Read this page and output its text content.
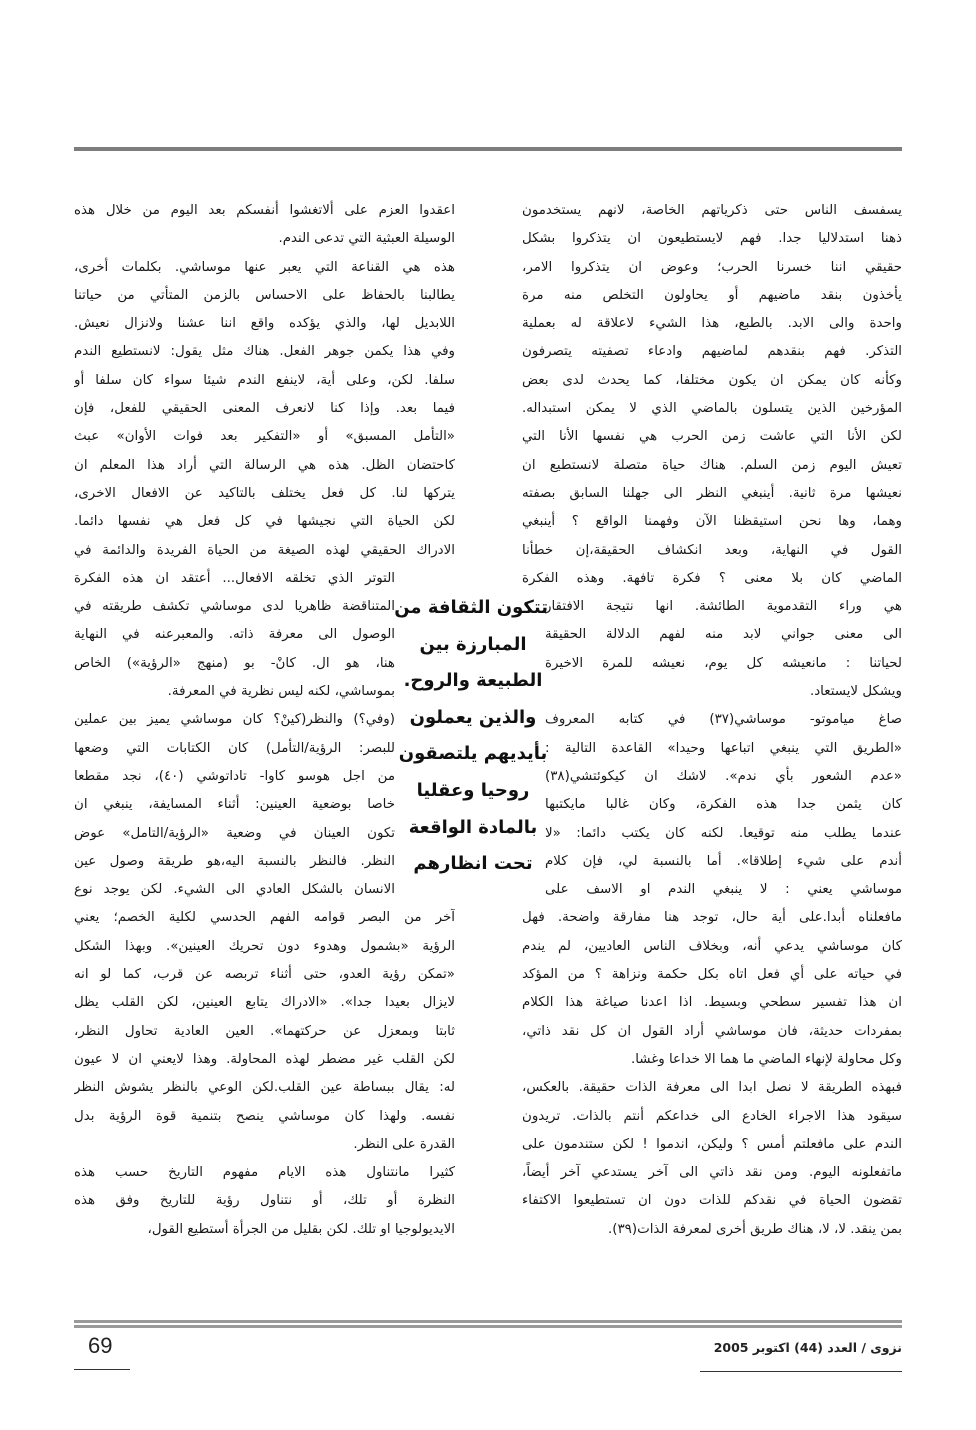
يسفسف الناس حتى ذكرياتهم الخاصة، لانهم يستخدمون
ذهنا استدلاليا جدا. فهم لايستطيعون ان يتذكروا بشكل
حقيقي اننا خسرنا الحرب؛ وعوض ان يتذكروا الامر،
يأخذون بنقد ماضيهم أو يحاولون التخلص منه مرة
واحدة والى الابد. بالطبع، هذا الشيء لاعلاقة له بعملية
التذكر. فهم بنقدهم لماضيهم وادعاء تصفيته يتصرفون
وكأنه كان يمكن ان يكون مختلفا، كما يحدث لدى بعض
المؤرخين الذين يتسلون بالماضي الذي لا يمكن استبداله.
لكن الأنا التي عاشت زمن الحرب هي نفسها الأنا التي
تعيش اليوم زمن السلم. هناك حياة متصلة لانستطيع ان
نعيشها مرة ثانية. أينبغي النظر الى جهلنا السابق بصفته
وهما، وها نحن استيقظنا الآن وفهمنا الواقع ؟ أينبغي
القول في النهاية، وبعد انكشاف الحقيقة،إن خطأنا
الماضي كان بلا معنى ؟ فكرة تافهة. وهذه الفكرة
هي وراء التقدموية الطائشة. انها نتيجة الافتقار
الى معنى جواني لابد منه لفهم الدلالة الحقيقة
لحياتنا : مانعيشه كل يوم، نعيشه للمرة الاخيرة
ويشكل لايستعاد.
صاغ مياموتو- موساشي(٣٧) في كتابه المعروف
«الطريق التي ينبغي اتباعها وحيدا» القاعدة التالية :
«عدم الشعور بأي ندم». لاشك ان كيكوئتشي(٣٨)
كان يثمن جدا هذه الفكرة، وكان غالبا مايكتبها
عندما يطلب منه توقيعا. لكنه كان يكتب دائما: «لا
أندم على شيء إطلاقا». أما بالنسبة لي، فإن كلام
موساشي يعني : لا ينبغي الندم او الاسف على
مافعلناه أبدا.على أية حال، توجد هنا مفارقة واضحة. فهل
كان موساشي يدعي أنه، وبخلاف الناس العاديين، لم يندم
في حياته على أي فعل اتاه بكل حكمة ونزاهة ؟ من المؤكد
ان هذا تفسير سطحي وبسيط. اذا اعدنا صياغة هذا الكلام
بمفردات حديثة، فان موساشي أراد القول ان كل نقد ذاتي،
وكل محاولة لإنهاء الماضي ما هما الا خداعا وغشا.
فبهذه الطريقة لا نصل ابدا الى معرفة الذات حقيقة. بالعكس،
سيقود هذا الاجراء الخادع الى خداعكم أنتم بالذات. تريدون
الندم على مافعلتم أمس ؟ وليكن، اندموا ! لكن ستندمون على
ماتفعلونه اليوم. ومن نقد ذاتي الى آخر يستدعي آخر أيضاً،
تقضون الحياة في نقدكم للذات دون ان تستطيعوا الاكتفاء
بمن ينقد. لا، لا، هناك طريق أخرى لمعرفة الذات(٣٩).
اعقدوا العزم على ألاتغشوا أنفسكم بعد اليوم من خلال هذه
الوسيلة العبثية التي تدعى الندم.
هذه هي القناعة التي يعبر عنها موساشي. بكلمات أخرى،
يطالبنا بالحفاظ على الاحساس بالزمن المتأتي من حياتنا
اللابديل لها، والذي يؤكده واقع اننا عشنا ولانزال نعيش.
وفي هذا يكمن جوهر الفعل. هناك مثل يقول: لانستطيع الندم
سلفا. لكن، وعلى أية، لاينفع الندم شيئا سواء كان سلفا أو
فيما بعد. وإذا كنا لانعرف المعنى الحقيقي للفعل، فإن
«التأمل المسبق» أو «التفكير بعد فوات الأوان» عبث
كاحتضان الظل. هذه هي الرسالة التي أراد هذا المعلم ان
يتركها لنا. كل فعل يختلف بالتاكيد عن الافعال الاخرى،
لكن الحياة التي نجيشها في كل فعل هي نفسها دائما.
الادراك الحقيقي لهذه الصيغة من الحياة الفريدة والدائمة في
التوتر الذي تخلقه الافعال... أعتقد ان هذه الفكرة
المتناقضة ظاهريا لدى موساشي تكشف طريقته في
الوصول الى معرفة ذاته. والمعبرعنه في النهاية
هنا، هو ال. كانْ- بو (منهج «الرؤية») الخاص
بموساشي، لكنه ليس نظرية في المعرفة.
(وفي؟) والنظر(كينْ؟ كان موساشي يميز بين عملين
للبصر: الرؤية/التأمل) كان الكتابات التي وضعها
من اجل هوسو كاوا- تاداتوشي (٤٠)، نجد مقطعا
خاصا بوضعية العينين: أثناء المسايفة، ينبغي ان
تكون العينان في وضعية «الرؤية/التامل» عوض
النظر. فالنظر بالنسبة اليه،هو طريقة وصول عين
الانسان بالشكل العادي الى الشيء. لكن يوجد نوع
آخر من البصر قوامه الفهم الحدسي لكلية الخصم؛ يعني
الرؤية «بشمول وهدوء دون تحريك العينين». وبهذا الشكل
«تمكن رؤية العدو، حتى أثناء تربصه عن قرب، كما لو انه
لايزال بعيدا جدا». «الادراك يتابع العينين، لكن القلب يظل
ثابتا وبمعزل عن حركتهما». العين العادية تحاول النظر،
لكن القلب غير مضطر لهذه المحاولة. وهذا لايعني ان لا عيون
له: يقال ببساطة عين القلب.لكن الوعي بالنظر يشوش النظر
نفسه. ولهذا كان موساشي ينصح بتنمية قوة الرؤية بدل
القدرة على النظر.
كثيرا مانتناول هذه الايام مفهوم التاريخ حسب هذه
النظرة أو تلك، أو نتناول رؤية للتاريخ وفق هذه
الايديولوجيا او تلك. لكن بقليل من الجرأة أستطيع القول،
تتكون الثقافة من
المبارزة بين
الطبيعة والروح.
والذين يعملون
بأيديهم يلتصقون
روحيا وعقليا
بالمادة الواقعة
تحت انظارهم
69	نزوى / العدد (44) اكتوبر 2005
